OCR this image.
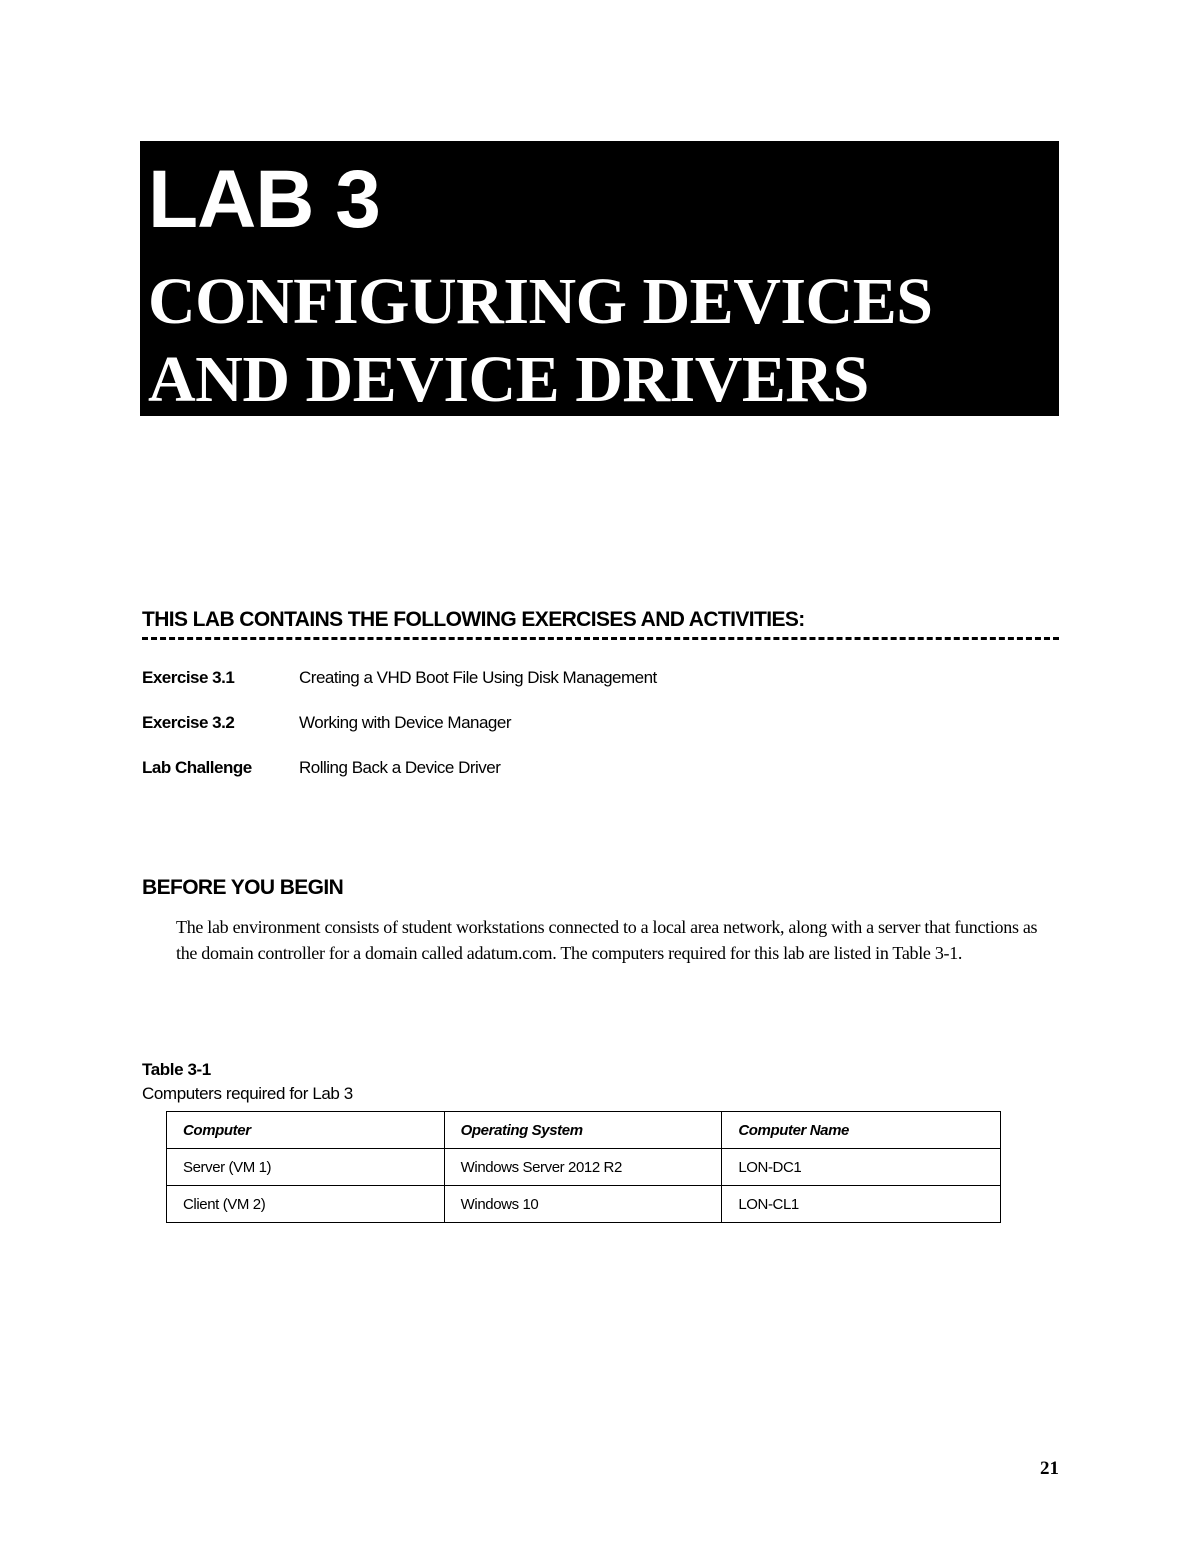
LAB 3
CONFIGURING DEVICES
AND DEVICE DRIVERS
THIS LAB CONTAINS THE FOLLOWING EXERCISES AND ACTIVITIES:
Exercise 3.1	Creating a VHD Boot File Using Disk Management
Exercise 3.2	Working with Device Manager
Lab Challenge	Rolling Back a Device Driver
BEFORE YOU BEGIN

The lab environment consists of student workstations connected to a local area network, along with a server that functions as the domain controller for a domain called adatum.com. The computers required for this lab are listed in Table 3-1.

Table 3-1
Computers required for Lab 3
Computer	Operating System	Computer Name
Server (VM 1)	Windows Server 2012 R2	LON-DC1
Client (VM 2)	Windows 10	LON-CL1
21
